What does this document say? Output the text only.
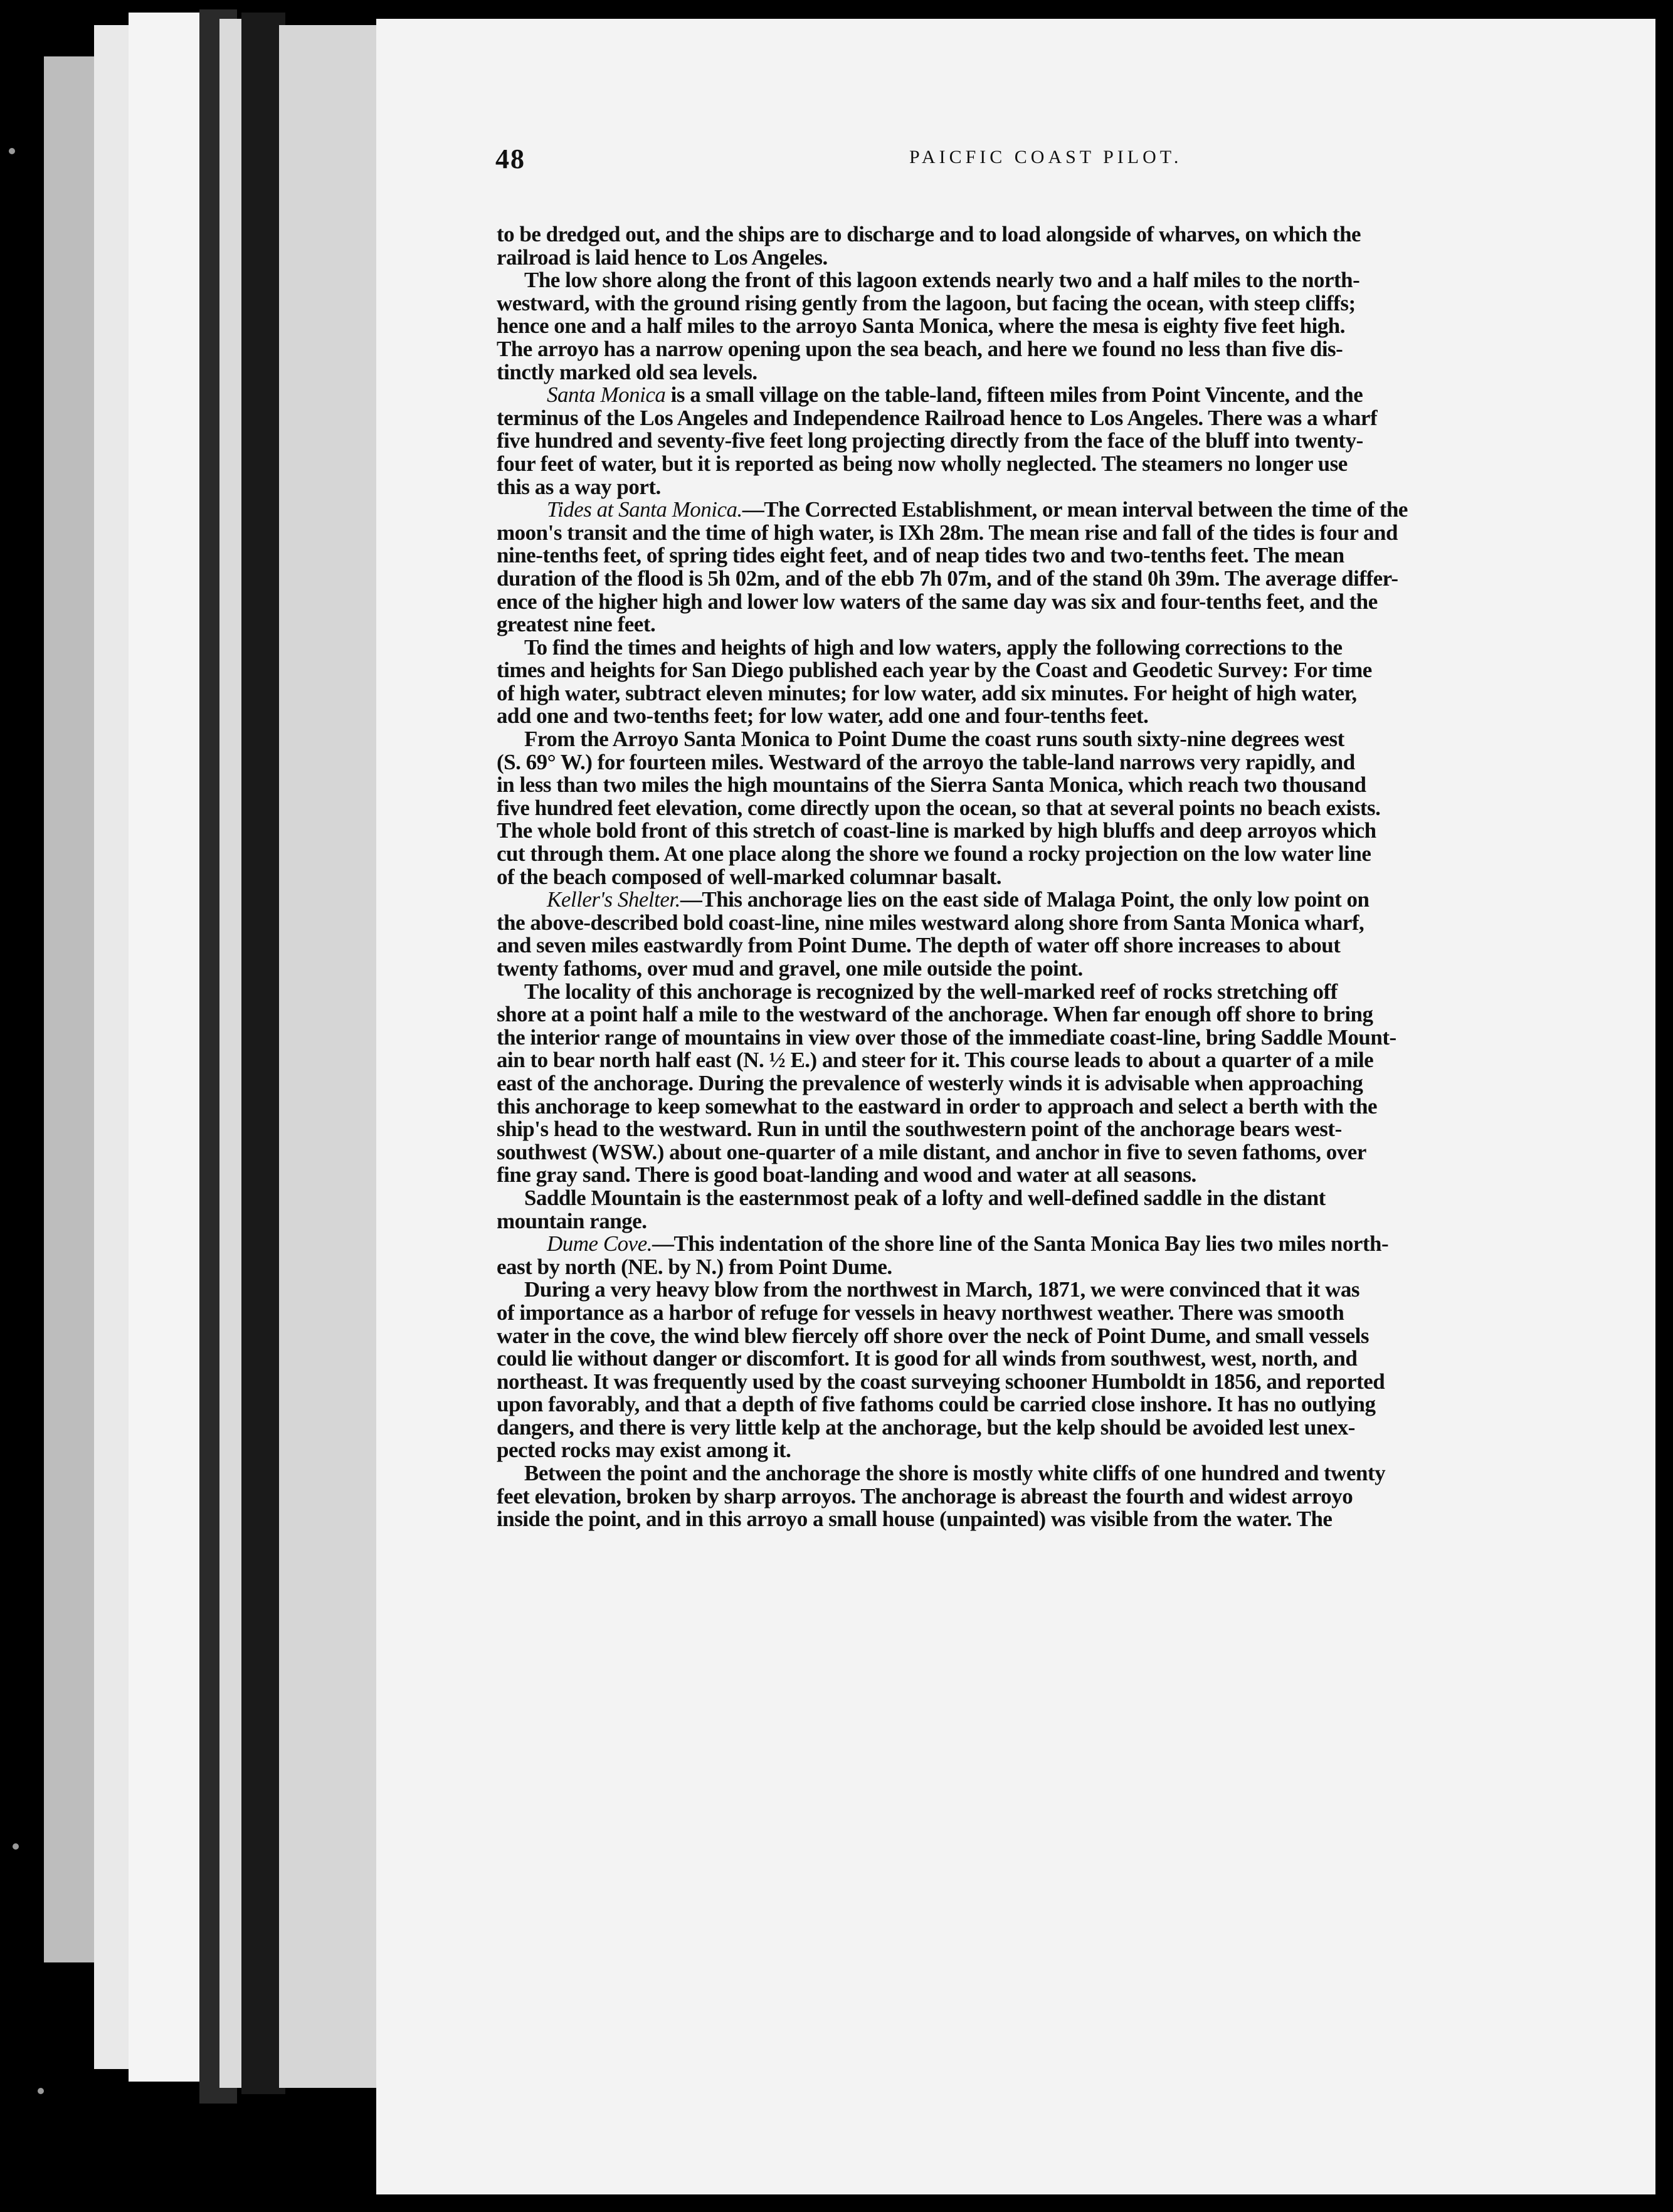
48	PAICFIC COAST PILOT.
to be dredged out, and the ships are to discharge and to load alongside of wharves, on which the
railroad is laid hence to Los Angeles.
The low shore along the front of this lagoon extends nearly two and a half miles to the north-
westward, with the ground rising gently from the lagoon, but facing the ocean, with steep cliffs;
hence one and a half miles to the arroyo Santa Monica, where the mesa is eighty five feet high.
The arroyo has a narrow opening upon the sea beach, and here we found no less than five dis-
tinctly marked old sea levels.
Santa Monica is a small village on the table-land, fifteen miles from Point Vincente, and the
terminus of the Los Angeles and Independence Railroad hence to Los Angeles. There was a wharf
five hundred and seventy-five feet long projecting directly from the face of the bluff into twenty-
four feet of water, but it is reported as being now wholly neglected. The steamers no longer use
this as a way port.
Tides at Santa Monica.—The Corrected Establishment, or mean interval between the time of the
moon's transit and the time of high water, is IXh 28m. The mean rise and fall of the tides is four and
nine-tenths feet, of spring tides eight feet, and of neap tides two and two-tenths feet. The mean
duration of the flood is 5h 02m, and of the ebb 7h 07m, and of the stand 0h 39m. The average differ-
ence of the higher high and lower low waters of the same day was six and four-tenths feet, and the
greatest nine feet.
To find the times and heights of high and low waters, apply the following corrections to the
times and heights for San Diego published each year by the Coast and Geodetic Survey: For time
of high water, subtract eleven minutes; for low water, add six minutes. For height of high water,
add one and two-tenths feet; for low water, add one and four-tenths feet.
From the Arroyo Santa Monica to Point Dume the coast runs south sixty-nine degrees west
(S. 69° W.) for fourteen miles. Westward of the arroyo the table-land narrows very rapidly, and
in less than two miles the high mountains of the Sierra Santa Monica, which reach two thousand
five hundred feet elevation, come directly upon the ocean, so that at several points no beach exists.
The whole bold front of this stretch of coast-line is marked by high bluffs and deep arroyos which
cut through them. At one place along the shore we found a rocky projection on the low water line
of the beach composed of well-marked columnar basalt.
Keller's Shelter.—This anchorage lies on the east side of Malaga Point, the only low point on
the above-described bold coast-line, nine miles westward along shore from Santa Monica wharf,
and seven miles eastwardly from Point Dume. The depth of water off shore increases to about
twenty fathoms, over mud and gravel, one mile outside the point.
The locality of this anchorage is recognized by the well-marked reef of rocks stretching off
shore at a point half a mile to the westward of the anchorage. When far enough off shore to bring
the interior range of mountains in view over those of the immediate coast-line, bring Saddle Mount-
ain to bear north half east (N. ½ E.) and steer for it. This course leads to about a quarter of a mile
east of the anchorage. During the prevalence of westerly winds it is advisable when approaching
this anchorage to keep somewhat to the eastward in order to approach and select a berth with the
ship's head to the westward. Run in until the southwestern point of the anchorage bears west-
southwest (WSW.) about one-quarter of a mile distant, and anchor in five to seven fathoms, over
fine gray sand. There is good boat-landing and wood and water at all seasons.
Saddle Mountain is the easternmost peak of a lofty and well-defined saddle in the distant
mountain range.
Dume Cove.—This indentation of the shore line of the Santa Monica Bay lies two miles north-
east by north (NE. by N.) from Point Dume.
During a very heavy blow from the northwest in March, 1871, we were convinced that it was
of importance as a harbor of refuge for vessels in heavy northwest weather. There was smooth
water in the cove, the wind blew fiercely off shore over the neck of Point Dume, and small vessels
could lie without danger or discomfort. It is good for all winds from southwest, west, north, and
northeast. It was frequently used by the coast surveying schooner Humboldt in 1856, and reported
upon favorably, and that a depth of five fathoms could be carried close inshore. It has no outlying
dangers, and there is very little kelp at the anchorage, but the kelp should be avoided lest unex-
pected rocks may exist among it.
Between the point and the anchorage the shore is mostly white cliffs of one hundred and twenty
feet elevation, broken by sharp arroyos. The anchorage is abreast the fourth and widest arroyo
inside the point, and in this arroyo a small house (unpainted) was visible from the water. The
